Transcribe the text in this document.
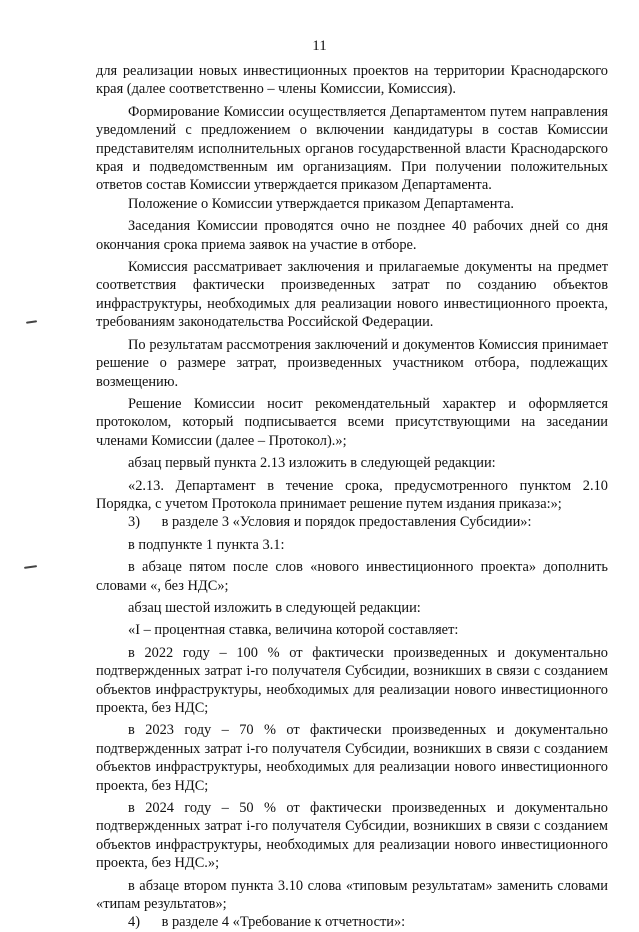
11

для реализации новых инвестиционных проектов на территории Краснодарского края (далее соответственно – члены Комиссии, Комиссия).

Формирование Комиссии осуществляется Департаментом путем направления уведомлений с предложением о включении кандидатуры в состав Комиссии представителям исполнительных органов государственной власти Краснодарского края и подведомственным им организациям. При получении положительных ответов состав Комиссии утверждается приказом Департамента.

Положение о Комиссии утверждается приказом Департамента.

Заседания Комиссии проводятся очно не позднее 40 рабочих дней со дня окончания срока приема заявок на участие в отборе.

Комиссия рассматривает заключения и прилагаемые документы на предмет соответствия фактически произведенных затрат по созданию объектов инфраструктуры, необходимых для реализации нового инвестиционного проекта, требованиям законодательства Российской Федерации.

По результатам рассмотрения заключений и документов Комиссия принимает решение о размере затрат, произведенных участником отбора, подлежащих возмещению.

Решение Комиссии носит рекомендательный характер и оформляется протоколом, который подписывается всеми присутствующими на заседании членами Комиссии (далее – Протокол).»;

абзац первый пункта 2.13 изложить в следующей редакции:

«2.13. Департамент в течение срока, предусмотренного пунктом 2.10 Порядка, с учетом Протокола принимает решение путем издания приказа:»;

3)      в разделе 3 «Условия и порядок предоставления Субсидии»:

в подпункте 1 пункта 3.1:

в абзаце пятом после слов «нового инвестиционного проекта» дополнить словами «, без НДС»;

абзац шестой изложить в следующей редакции:

«I – процентная ставка, величина которой составляет:

в 2022 году – 100 % от фактически произведенных и документально подтвержденных затрат i-го получателя Субсидии, возникших в связи с созданием объектов инфраструктуры, необходимых для реализации нового инвестиционного проекта, без НДС;

в 2023 году – 70 % от фактически произведенных и документально подтвержденных затрат i-го получателя Субсидии, возникших в связи с созданием объектов инфраструктуры, необходимых для реализации нового инвестиционного проекта, без НДС;

в 2024 году – 50 % от фактически произведенных и документально подтвержденных затрат i-го получателя Субсидии, возникших в связи с созданием объектов инфраструктуры, необходимых для реализации нового инвестиционного проекта, без НДС.»;

в абзаце втором пункта 3.10 слова «типовым результатам» заменить словами «типам результатов»;

4)      в разделе 4 «Требование к отчетности»:
